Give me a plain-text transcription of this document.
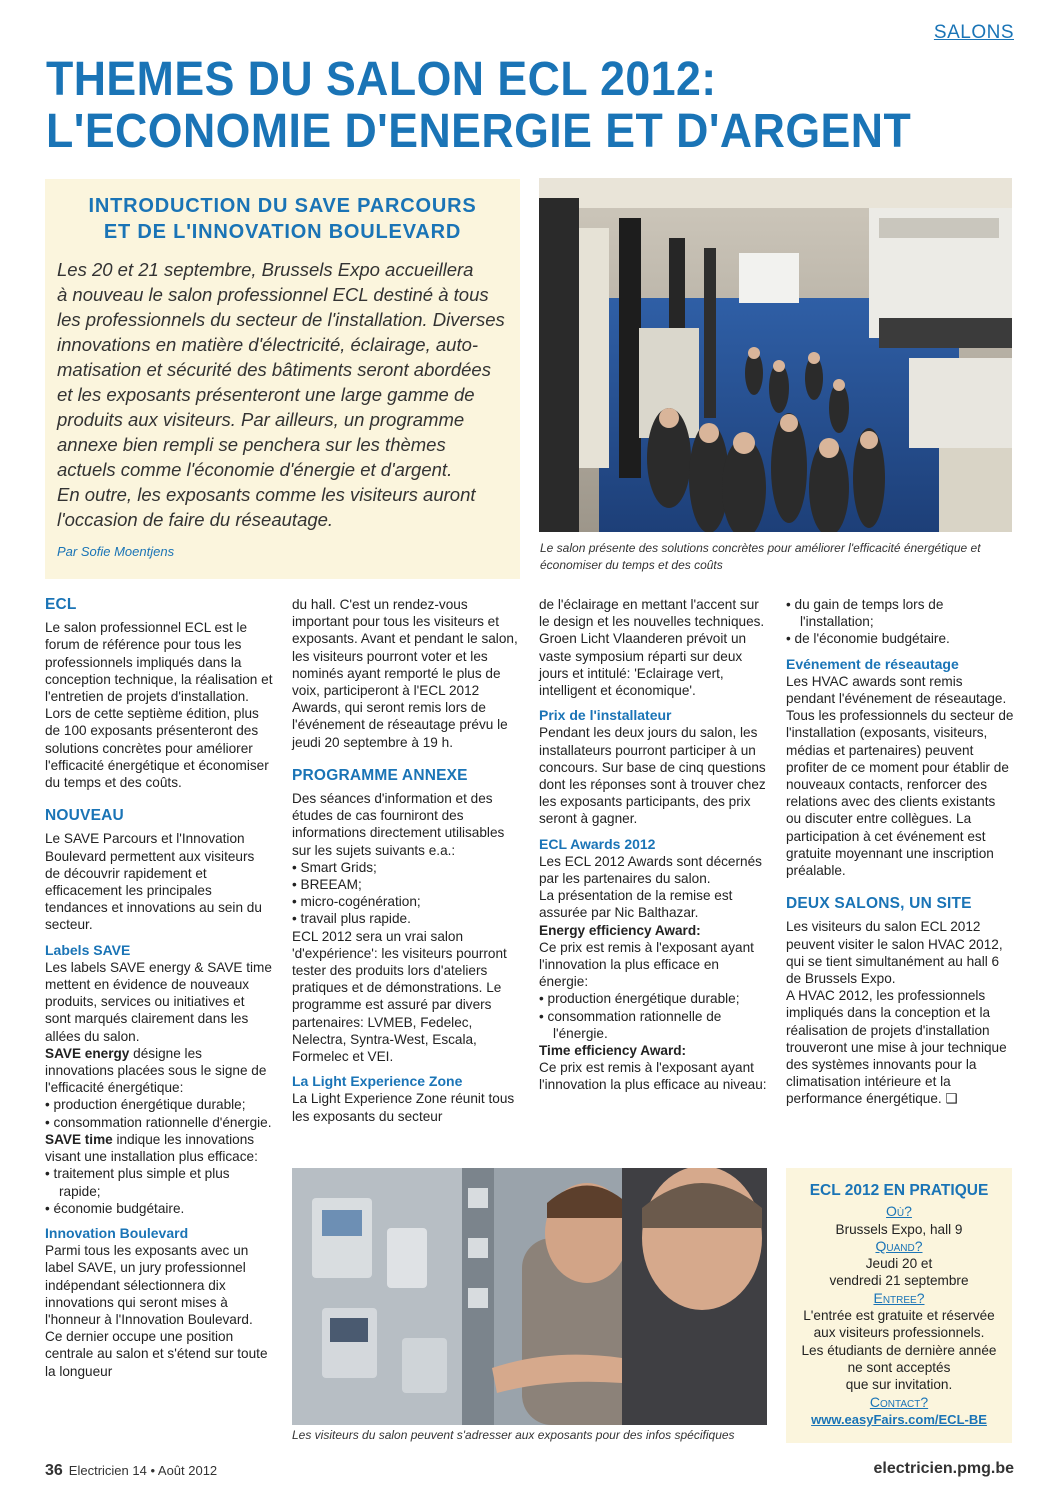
SALONS
THEMES DU SALON ECL 2012:
L'ECONOMIE D'ENERGIE ET D'ARGENT
INTRODUCTION DU SAVE PARCOURS
ET DE L'INNOVATION BOULEVARD
Les 20 et 21 septembre, Brussels Expo accueillera
à nouveau le salon professionnel ECL destiné à tous
les professionnels du secteur de l'installation. Diverses
innovations en matière d'électricité, éclairage, auto-
matisation et sécurité des bâtiments seront abordées
et les exposants présenteront une large gamme de
produits aux visiteurs. Par ailleurs, un programme
annexe bien rempli se penchera sur les thèmes
actuels comme l'économie d'énergie et d'argent.
En outre, les exposants comme les visiteurs auront
l'occasion de faire du réseautage.
Par Sofie Moentjens	Le salon présente des solutions concrètes pour améliorer l'efficacité énergétique et économiser du temps et des coûts
ECL

Le salon professionnel ECL est le forum de référence pour tous les professionnels impliqués dans la conception technique, la réalisation et l'entretien de projets d'installation. Lors de cette septième édition, plus de 100 exposants présenteront des solutions concrètes pour améliorer l'efficacité énergétique et économiser du temps et des coûts.

NOUVEAU

Le SAVE Parcours et l'Innovation Boulevard permettent aux visiteurs de découvrir rapidement et efficacement les principales tendances et innovations au sein du secteur.

Labels SAVE

Les labels SAVE energy & SAVE time mettent en évidence de nouveaux produits, services ou initiatives et sont marqués clairement dans les allées du salon.

SAVE energy désigne les innovations placées sous le signe de l'efficacité énergétique:

• production énergétique durable;
• consommation rationnelle d'énergie.

SAVE time indique les innovations visant une installation plus efficace:

• traitement plus simple et plus rapide;
• économie budgétaire.
Innovation Boulevard

Parmi tous les exposants avec un label SAVE, un jury professionnel indépendant sélectionnera dix innovations qui seront mises à l'honneur à l'Innovation Boulevard. Ce dernier occupe une position centrale au salon et s'étend sur toute la longueur

du hall. C'est un rendez-vous important pour tous les visiteurs et exposants. Avant et pendant le salon, les visiteurs pourront voter et les nominés ayant remporté le plus de voix, participeront à l'ECL 2012 Awards, qui seront remis lors de l'événement de réseautage prévu le jeudi 20 septembre à 19 h.

PROGRAMME ANNEXE

Des séances d'information et des études de cas fourniront des informations directement utilisables sur les sujets suivants e.a.:

• Smart Grids;
• BREEAM;
• micro-cogénération;
• travail plus rapide.

ECL 2012 sera un vrai salon 'd'expérience': les visiteurs pourront tester des produits lors d'ateliers pratiques et de démonstrations. Le programme est assuré par divers partenaires: LVMEB, Fedelec, Nelectra, Syntra-West, Escala, Formelec et VEI.

La Light Experience Zone

La Light Experience Zone réunit tous les exposants du secteur

de l'éclairage en mettant l'accent sur le design et les nouvelles techniques. Groen Licht Vlaanderen prévoit un vaste symposium réparti sur deux jours et intitulé: 'Eclairage vert, intelligent et économique'.

Prix de l'installateur

Pendant les deux jours du salon, les installateurs pourront participer à un concours. Sur base de cinq questions dont les réponses sont à trouver chez les exposants participants, des prix seront à gagner.

ECL Awards 2012

Les ECL 2012 Awards sont décernés par les partenaires du salon.

La présentation de la remise est assurée par Nic Balthazar.

Energy efficiency Award:

Ce prix est remis à l'exposant ayant l'innovation la plus efficace en énergie:

• production énergétique durable;
• consommation rationnelle de l'énergie.

Time efficiency Award:

Ce prix est remis à l'exposant ayant l'innovation la plus efficace au niveau:

• du gain de temps lors de l'installation;
• de l'économie budgétaire.
Evénement de réseautage

Les HVAC awards sont remis pendant l'événement de réseautage.

Tous les professionnels du secteur de l'installation (exposants, visiteurs, médias et partenaires) peuvent profiter de ce moment pour établir de nouveaux contacts, renforcer des relations avec des clients existants ou discuter entre collègues. La participation à cet événement est gratuite moyennant une inscription préalable.

DEUX SALONS, UN SITE

Les visiteurs du salon ECL 2012 peuvent visiter le salon HVAC 2012, qui se tient simultanément au hall 6 de Brussels Expo.

A HVAC 2012, les professionnels impliqués dans la conception et la réalisation de projets d'installation trouveront une mise à jour technique des systèmes innovants pour la climatisation intérieure et la performance énergétique. ❑

Les visiteurs du salon peuvent s'adresser aux exposants pour des infos spécifiques
ECL 2012 EN PRATIQUE
Où?
Brussels Expo, hall 9
Quand?
Jeudi 20 et
vendredi 21 septembre
Entree?
L'entrée est gratuite et réservée
aux visiteurs professionnels.
Les étudiants de dernière année
ne sont acceptés
que sur invitation.
Contact?
www.easyFairs.com/ECL-BE
36 Electricien 14 • Août 2012	electricien.pmg.be
